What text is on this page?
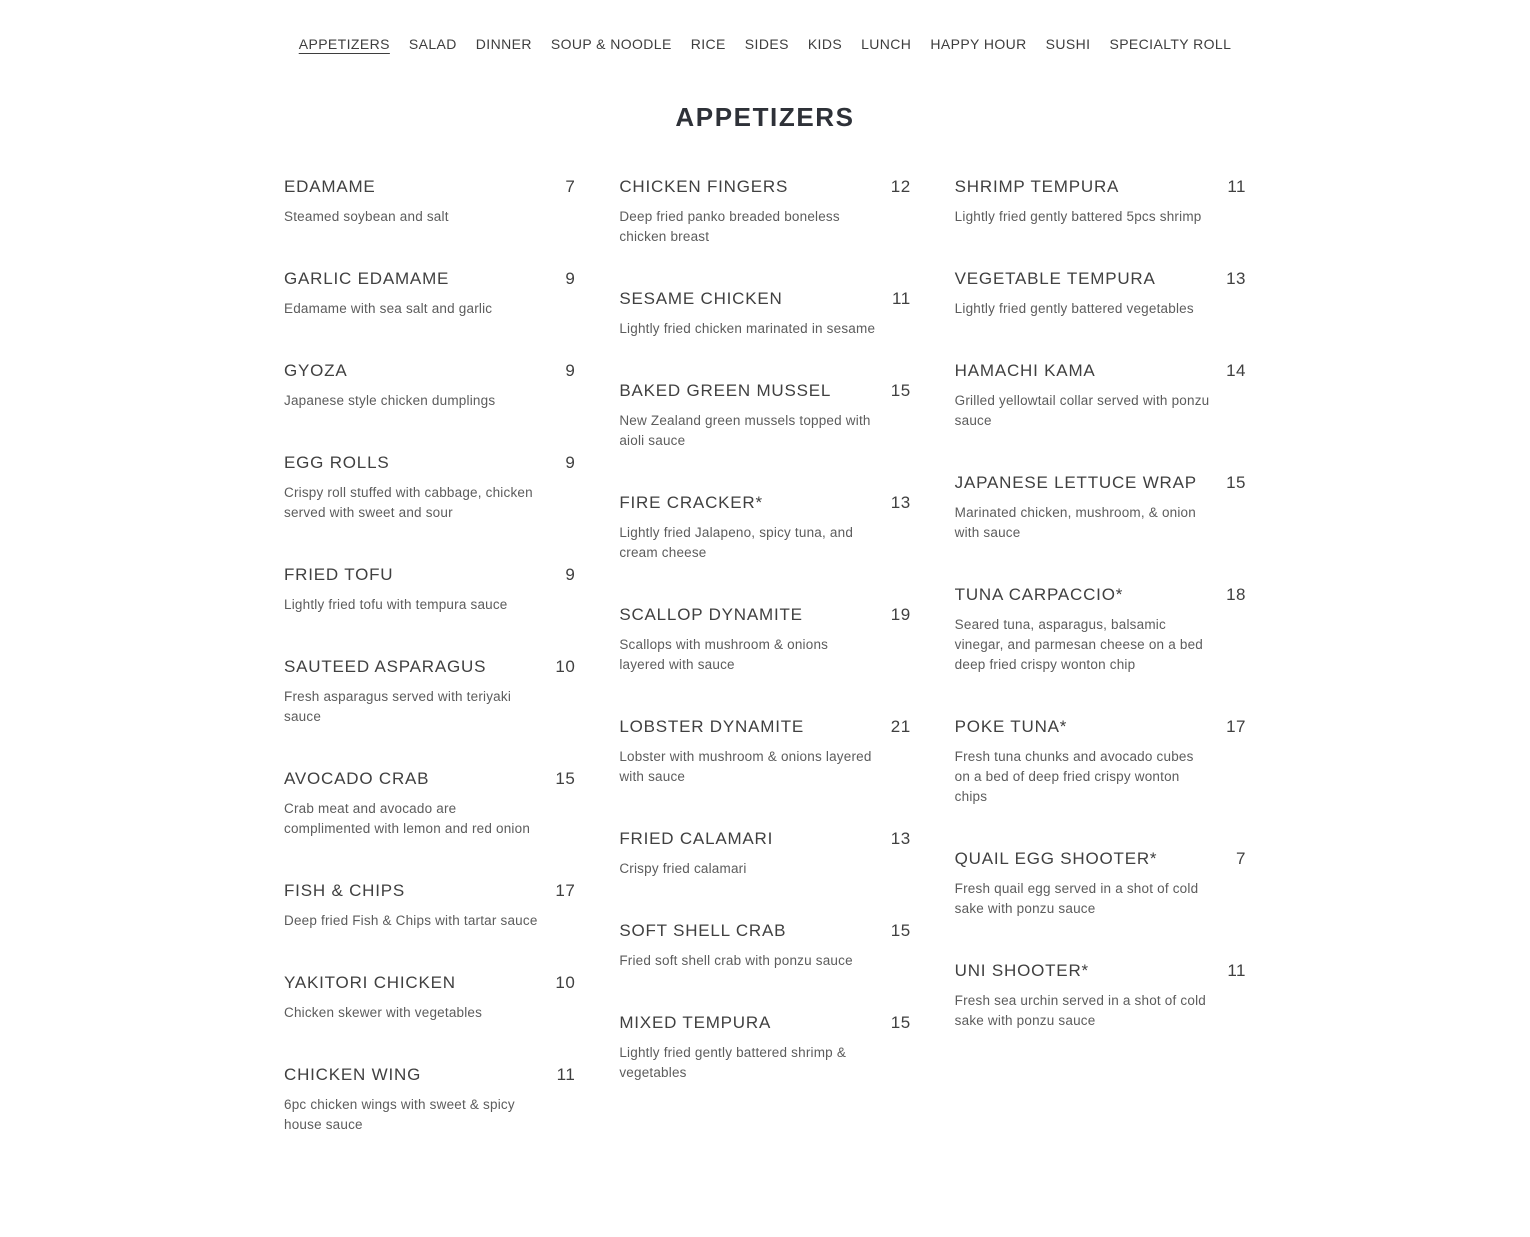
APPETIZERS SALAD DINNER SOUP & NOODLE RICE SIDES KIDS LUNCH HAPPY HOUR SUSHI SPECIALTY ROLL
APPETIZERS
EDAMAME	7
Steamed soybean and salt
GARLIC EDAMAME	9
Edamame with sea salt and garlic
GYOZA	9
Japanese style chicken dumplings
EGG ROLLS	9
Crispy roll stuffed with cabbage, chicken served with sweet and sour
FRIED TOFU	9
Lightly fried tofu with tempura sauce
SAUTEED ASPARAGUS	10
Fresh asparagus served with teriyaki sauce
AVOCADO CRAB	15
Crab meat and avocado are complimented with lemon and red onion
FISH & CHIPS	17
Deep fried Fish & Chips with tartar sauce
YAKITORI CHICKEN	10
Chicken skewer with vegetables
CHICKEN WING	11
6pc chicken wings with sweet & spicy house sauce
CHICKEN FINGERS	12
Deep fried panko breaded boneless chicken breast
SESAME CHICKEN	11
Lightly fried chicken marinated in sesame
BAKED GREEN MUSSEL	15
New Zealand green mussels topped with aioli sauce
FIRE CRACKER*	13
Lightly fried Jalapeno, spicy tuna, and cream cheese
SCALLOP DYNAMITE	19
Scallops with mushroom & onions layered with sauce
LOBSTER DYNAMITE	21
Lobster with mushroom & onions layered with sauce
FRIED CALAMARI	13
Crispy fried calamari
SOFT SHELL CRAB	15
Fried soft shell crab with ponzu sauce
MIXED TEMPURA	15
Lightly fried gently battered shrimp & vegetables
SHRIMP TEMPURA	11
Lightly fried gently battered 5pcs shrimp
VEGETABLE TEMPURA	13
Lightly fried gently battered vegetables
HAMACHI KAMA	14
Grilled yellowtail collar served with ponzu sauce
JAPANESE LETTUCE WRAP 15
Marinated chicken, mushroom, & onion with sauce
TUNA CARPACCIO*	18
Seared tuna, asparagus, balsamic vinegar, and parmesan cheese on a bed deep fried crispy wonton chip
POKE TUNA*	17
Fresh tuna chunks and avocado cubes on a bed of deep fried crispy wonton chips
QUAIL EGG SHOOTER*	7
Fresh quail egg served in a shot of cold sake with ponzu sauce
UNI SHOOTER*	11
Fresh sea urchin served in a shot of cold sake with ponzu sauce
